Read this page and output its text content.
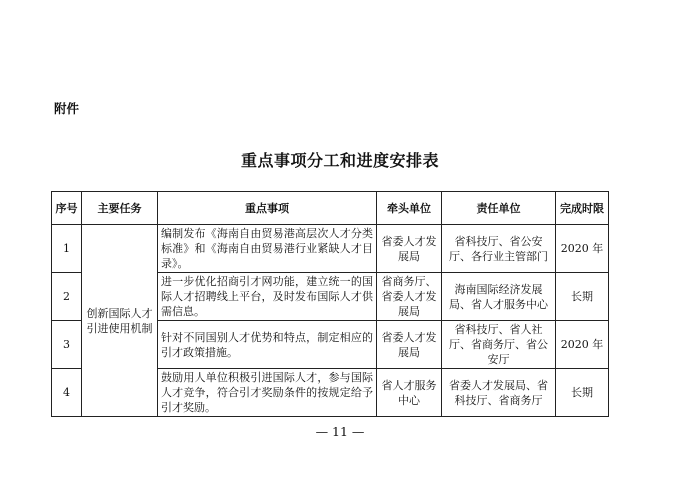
附件
重点事项分工和进度安排表
序号	主要任务	重点事项	牵头单位	责任单位	完成时限
1	创新国际人才引进使用机制	编制发布《海南自由贸易港高层次人才分类标准》和《海南自由贸易港行业紧缺人才目录》。	省委人才发展局	省科技厅、省公安厅、各行业主管部门	2020 年
2		进一步优化招商引才网功能，建立统一的国际人才招聘线上平台，及时发布国际人才供需信息。	省商务厅、省委人才发展局	海南国际经济发展局、省人才服务中心	长期
3		针对不同国别人才优势和特点，制定相应的引才政策措施。	省委人才发展局	省科技厅、省人社厅、省商务厅、省公安厅	2020 年
4		鼓励用人单位积极引进国际人才，参与国际人才竞争，符合引才奖励条件的按规定给予引才奖励。	省人才服务中心	省委人才发展局、省科技厅、省商务厅	长期
— 11 —
